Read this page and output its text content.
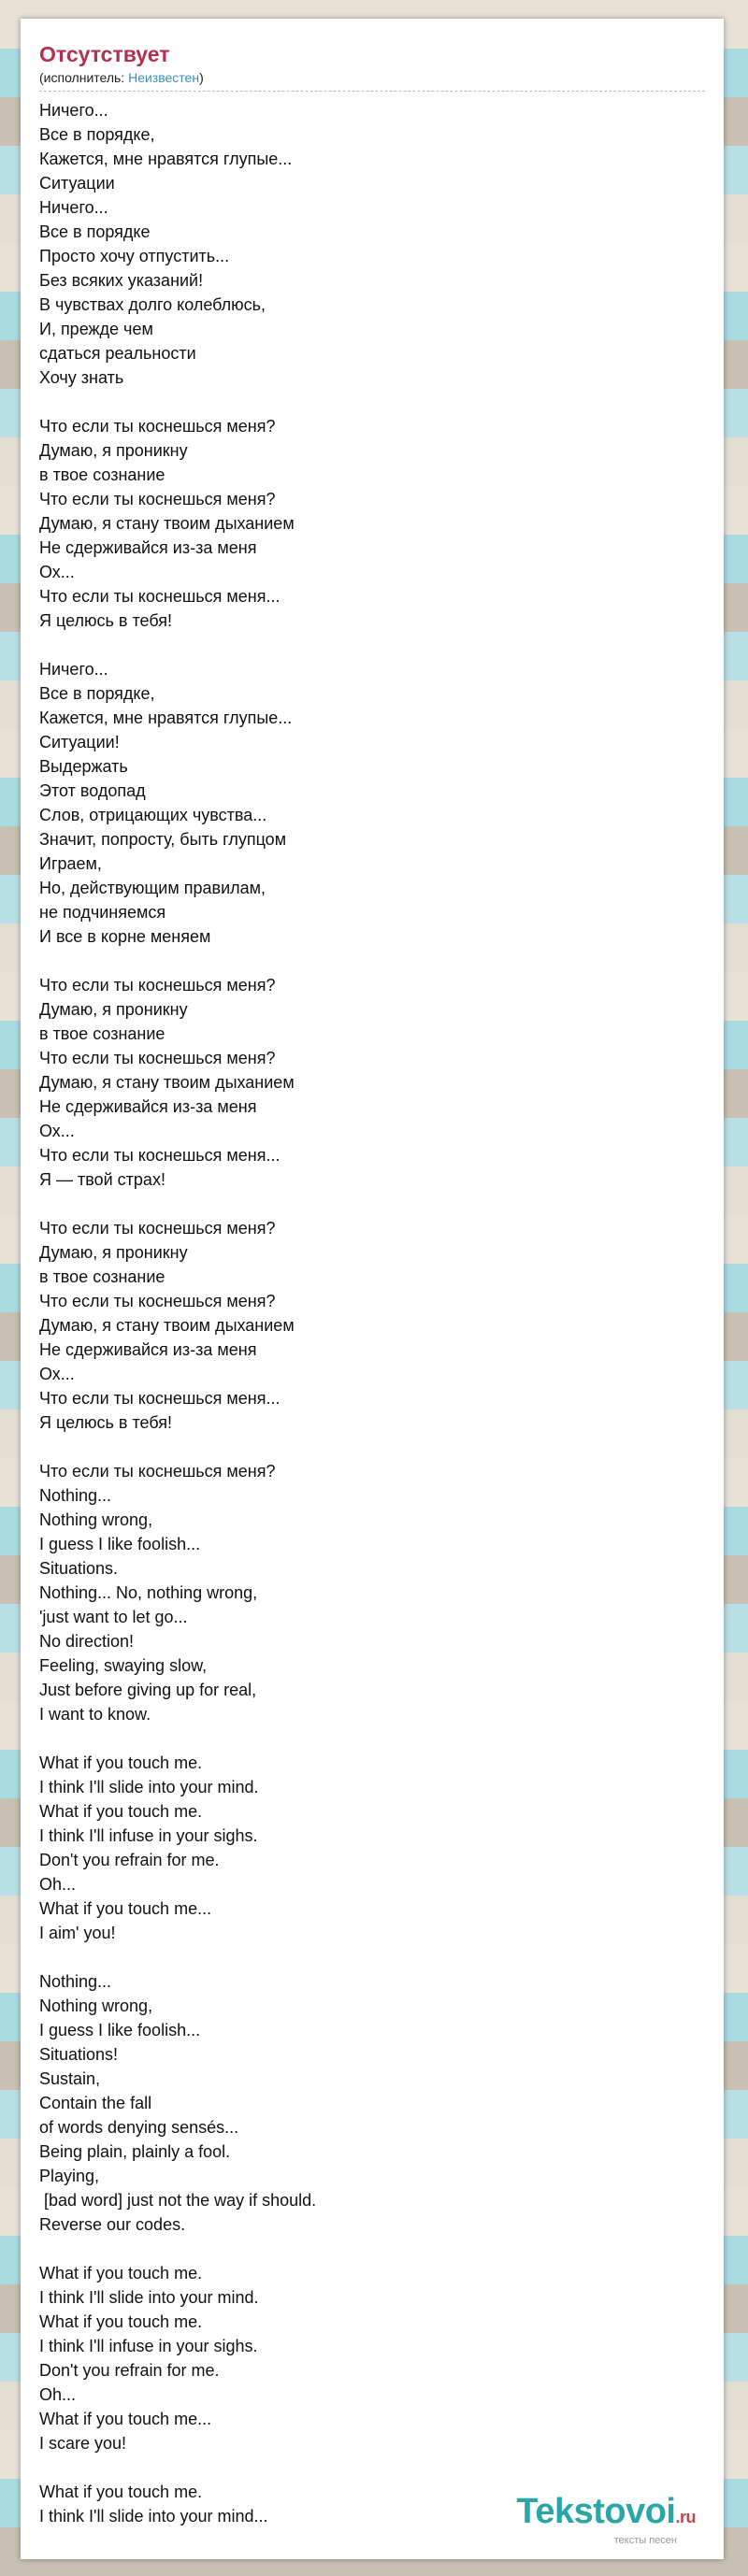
Отсутствует
(исполнитель: Неизвестен)
Ничего...
Все в порядке,
Кажется, мне нравятся глупые...
Ситуации
Ничего...
Все в порядке
Просто хочу отпустить...
Без всяких указаний!
В чувствах долго колеблюсь,
И, прежде чем
сдаться реальности
Хочу знать
Что если ты коснешься меня?
Думаю, я проникну
в твое сознание
Что если ты коснешься меня?
Думаю, я стану твоим дыханием
Не сдерживайся из-за меня
Ох...
Что если ты коснешься меня...
Я целюсь в тебя!
Ничего...
Все в порядке,
Кажется, мне нравятся глупые...
Ситуации!
Выдержать
Этот водопад
Слов, отрицающих чувства...
Значит, попросту, быть глупцом
Играем,
Но, действующим правилам,
не подчиняемся
И все в корне меняем
Что если ты коснешься меня?
Думаю, я проникну
в твое сознание
Что если ты коснешься меня?
Думаю, я стану твоим дыханием
Не сдерживайся из-за меня
Ох...
Что если ты коснешься меня...
Я — твой страх!
Что если ты коснешься меня?
Думаю, я проникну
в твое сознание
Что если ты коснешься меня?
Думаю, я стану твоим дыханием
Не сдерживайся из-за меня
Ох...
Что если ты коснешься меня...
Я целюсь в тебя!
Что если ты коснешься меня?
Nothing...
Nothing wrong,
I guess I like foolish...
Situations.
Nothing... No, nothing wrong,
'just want to let go...
No direction!
Feeling, swaying slow,
Just before giving up for real,
I want to know.
What if you touch me.
I think I'll slide into your mind.
What if you touch me.
I think I'll infuse in your sighs.
Don't you refrain for me.
Oh...
What if you touch me...
I aim' you!
Nothing...
Nothing wrong,
I guess I like foolish...
Situations!
Sustain,
Contain the fall
of words denying sensés...
Being plain, plainly a fool.
Playing,
[bad word] just not the way if should.
Reverse our codes.
What if you touch me.
I think I'll slide into your mind.
What if you touch me.
I think I'll infuse in your sighs.
Don't you refrain for me.
Oh...
What if you touch me...
I scare you!
What if you touch me.
I think I'll slide into your mind...	Tekstovoi.ru
тексты песен
